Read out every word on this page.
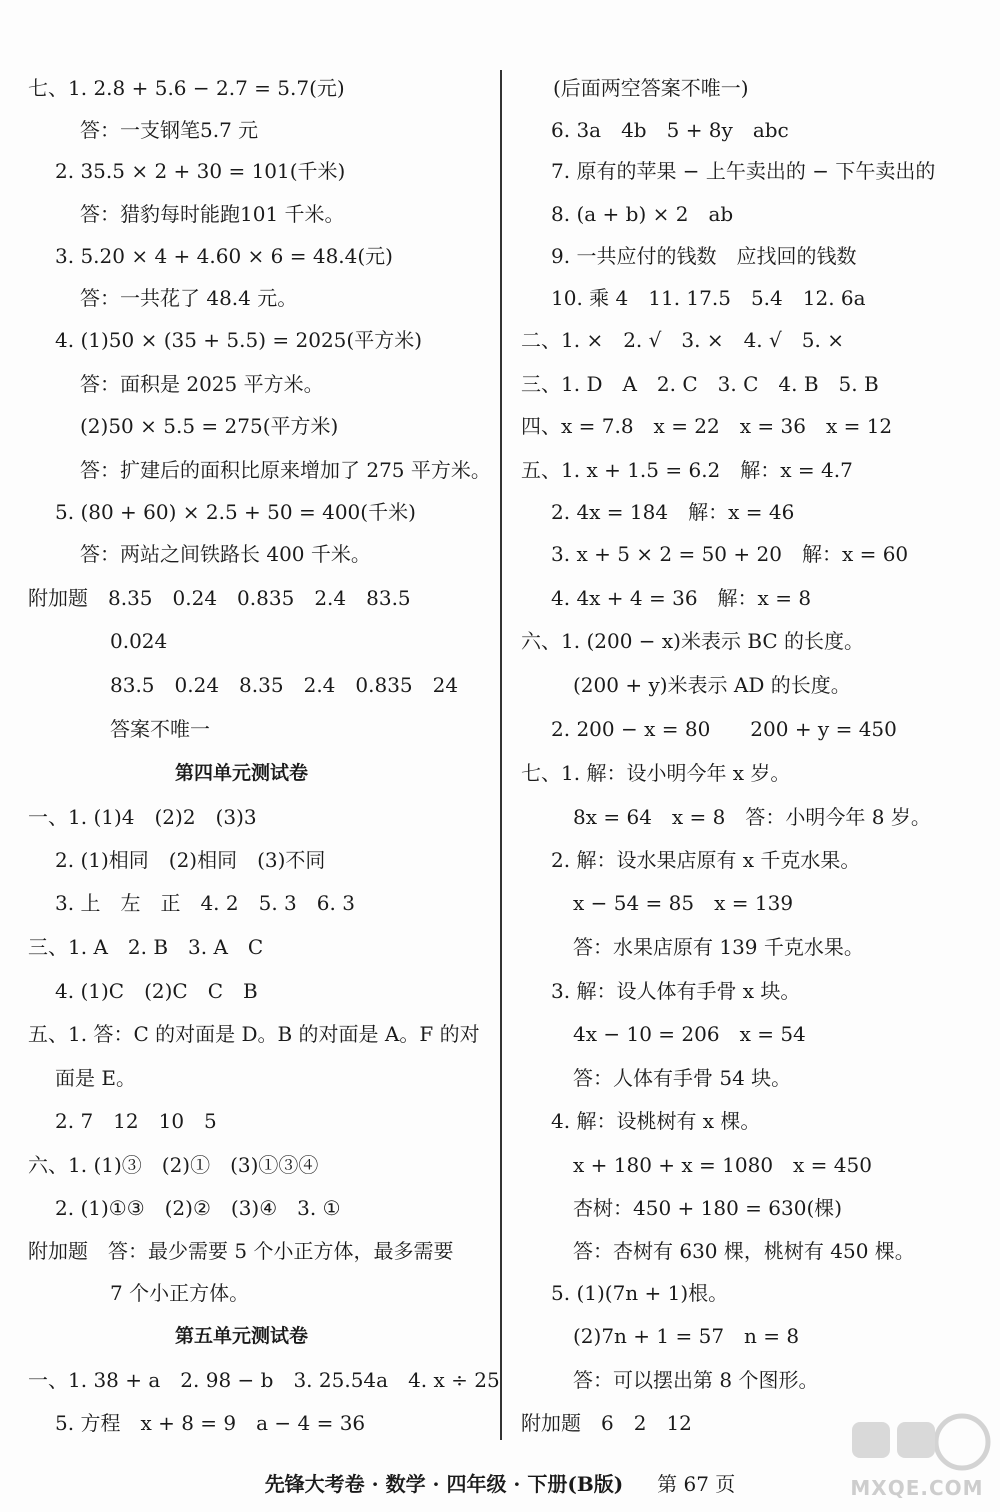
七、1. 2.8 + 5.6 − 2.7 = 5.7(元)
答：一支钢笔5.7 元
2. 35.5 × 2 + 30 = 101(千米)
答：猎豹每时能跑101 千米。
3. 5.20 × 4 + 4.60 × 6 = 48.4(元)
答：一共花了 48.4 元。
4. (1)50 × (35 + 5.5) = 2025(平方米)
答：面积是 2025 平方米。
(2)50 × 5.5 = 275(平方米)
答：扩建后的面积比原来增加了 275 平方米。
5. (80 + 60) × 2.5 + 50 = 400(千米)
答：两站之间铁路长 400 千米。
附加题　8.35　0.24　0.835　2.4　83.5
0.024
83.5　0.24　8.35　2.4　0.835　24
答案不唯一
第四单元测试卷
一、1. (1)4　(2)2　(3)3
2. (1)相同　(2)相同　(3)不同
3. 上　左　正　4. 2　5. 3　6. 3
三、1. A　2. B　3. A　C
4. (1)C　(2)C　C　B
五、1. 答：C 的对面是 D。B 的对面是 A。F 的对
面是 E。
2. 7　12　10　5
六、1. (1)③　(2)①　(3)①③④
2. (1)①③　(2)②　(3)④　3. ①
附加题　答：最少需要 5 个小正方体，最多需要
7 个小正方体。
第五单元测试卷
一、1. 38 + a　2. 98 − b　3. 25.54a　4. x ÷ 25
5. 方程　x + 8 = 9　a − 4 = 36
(后面两空答案不唯一)
6. 3a　4b　5 + 8y　abc
7. 原有的苹果 − 上午卖出的 − 下午卖出的
8. (a + b) × 2　ab
9. 一共应付的钱数　应找回的钱数
10. 乘 4　11. 17.5　5.4　12. 6a
二、1. ×　2. √　3. ×　4. √　5. ×
三、1. D　A　2. C　3. C　4. B　5. B
四、x = 7.8　x = 22　x = 36　x = 12
五、1. x + 1.5 = 6.2　解：x = 4.7
2. 4x = 184　解：x = 46
3. x + 5 × 2 = 50 + 20　解：x = 60
4. 4x + 4 = 36　解：x = 8
六、1. (200 − x)米表示 BC 的长度。
(200 + y)米表示 AD 的长度。
2. 200 − x = 80　　200 + y = 450
七、1. 解：设小明今年 x 岁。
8x = 64　x = 8　答：小明今年 8 岁。
2. 解：设水果店原有 x 千克水果。
x − 54 = 85　x = 139
答：水果店原有 139 千克水果。
3. 解：设人体有手骨 x 块。
4x − 10 = 206　x = 54
答：人体有手骨 54 块。
4. 解：设桃树有 x 棵。
x + 180 + x = 1080　x = 450
杏树：450 + 180 = 630(棵)
答：杏树有 630 棵，桃树有 450 棵。
5. (1)(7n + 1)根。
(2)7n + 1 = 57　n = 8
答：可以摆出第 8 个图形。
附加题　6　2　12
先锋大考卷 · 数学 · 四年级 · 下册(B版) 　 第 67 页	MXQE.COM
